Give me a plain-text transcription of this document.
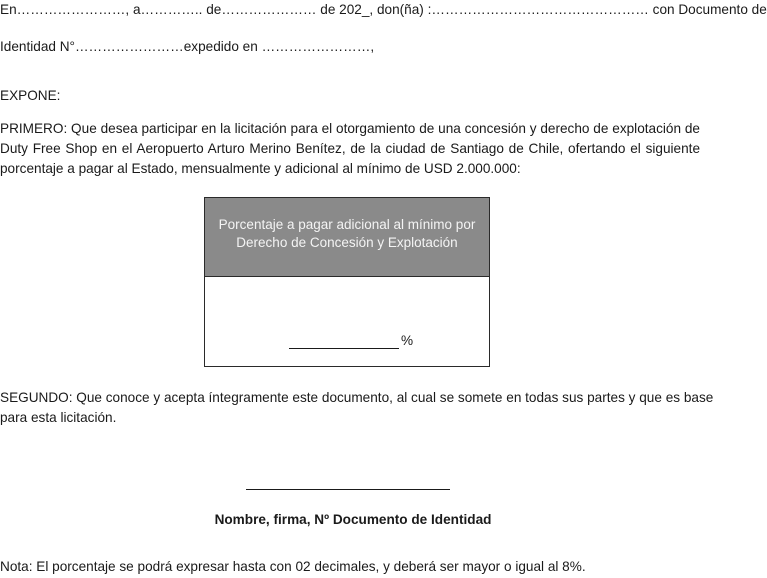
En ……………………, a ………….. de ………………… de 202_, don(ña) : ………………………………………… con Documento de
Identidad N°……………………expedido en ……………………,
EXPONE:
PRIMERO: Que desea participar en la licitación para el otorgamiento de una concesión y derecho de explotación de
Duty Free Shop en el Aeropuerto Arturo Merino Benítez, de la ciudad de Santiago de Chile, ofertando el siguiente
porcentaje a pagar al Estado, mensualmente y adicional al mínimo de USD 2.000.000:
Porcentaje a pagar adicional al mínimo por
Derecho de Concesión y Explotación
%
SEGUNDO: Que conoce y acepta íntegramente este documento, al cual se somete en todas sus partes y que es base
para esta licitación.
Nombre, firma, Nº Documento de Identidad
Nota: El porcentaje se podrá expresar hasta con 02 decimales, y deberá ser mayor o igual al 8%.
